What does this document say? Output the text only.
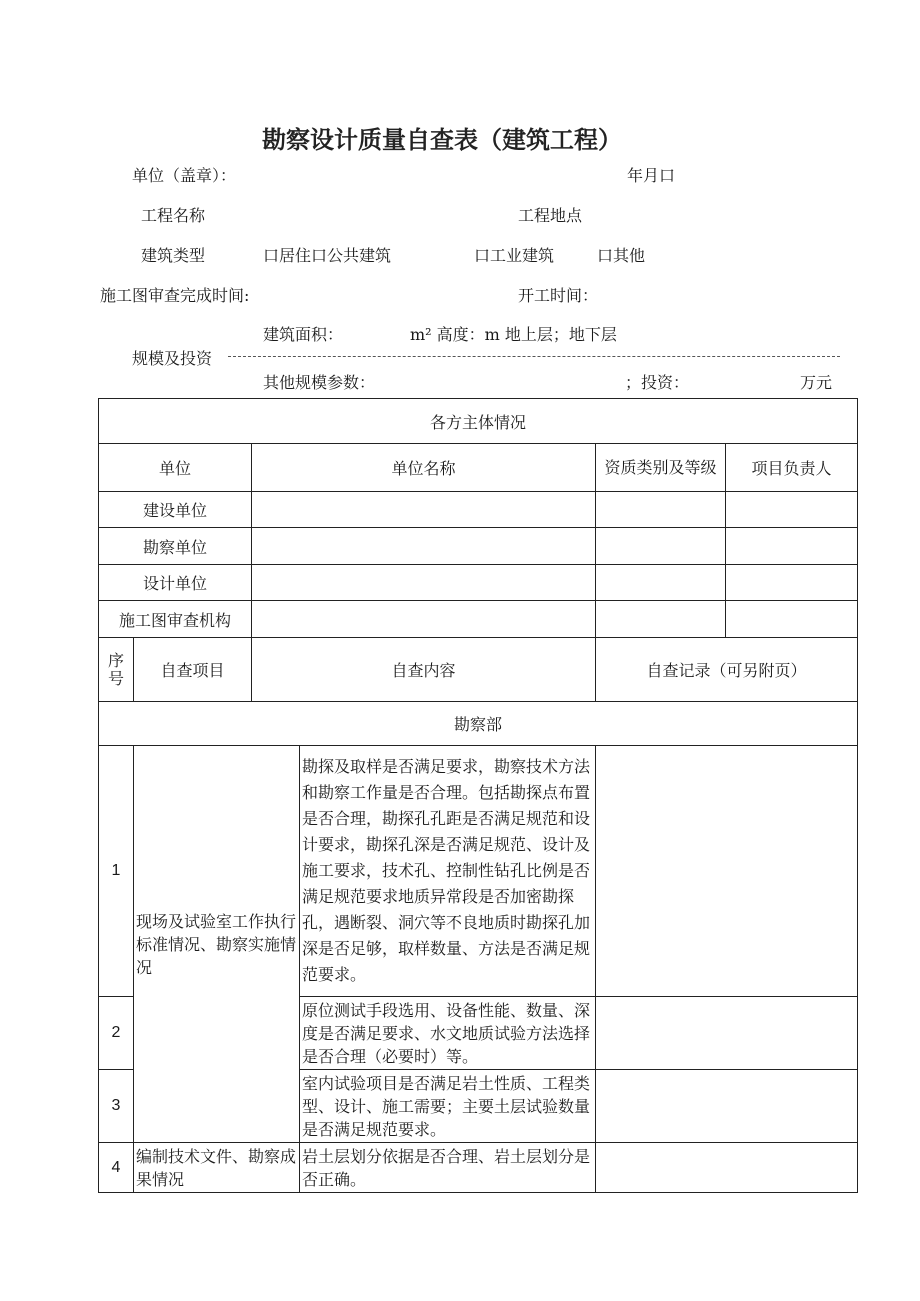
勘察设计质量自查表（建筑工程）
单位（盖章）：	年月口
工程名称	工程地点
建筑类型	口居住口公共建筑	口工业建筑	口其他
施工图审查完成时间:	开工时间：
建筑面积：	m² 高度：m 地上层；地下层
规模及投资
其他规模参数：	；投资：	万元
各方主体情况					
单位		单位名称		资质类别及等级	项目负责人
建设单位					
勘察单位					
设计单位					
施工图审查机构					
序号	自查项目	自查内容		自查记录（可另附页）	
勘察部					
1	现场及试验室工作执行标准情况、勘察实施情况		勘探及取样是否满足要求，勘察技术方法和勘察工作量是否合理。包括勘探点布置是否合理，勘探孔孔距是否满足规范和设计要求，勘探孔深是否满足规范、设计及施工要求，技术孔、控制性钻孔比例是否满足规范要求地质异常段是否加密勘探孔，遇断裂、洞穴等不良地质时勘探孔加深是否足够，取样数量、方法是否满足规范要求。		
2			原位测试手段选用、设备性能、数量、深度是否满足要求、水文地质试验方法选择是否合理（必要时）等。		
3			室内试验项目是否满足岩土性质、工程类型、设计、施工需要；主要土层试验数量是否满足规范要求。		
4	编制技术文件、勘察成果情况		岩土层划分依据是否合理、岩土层划分是否正确。		
